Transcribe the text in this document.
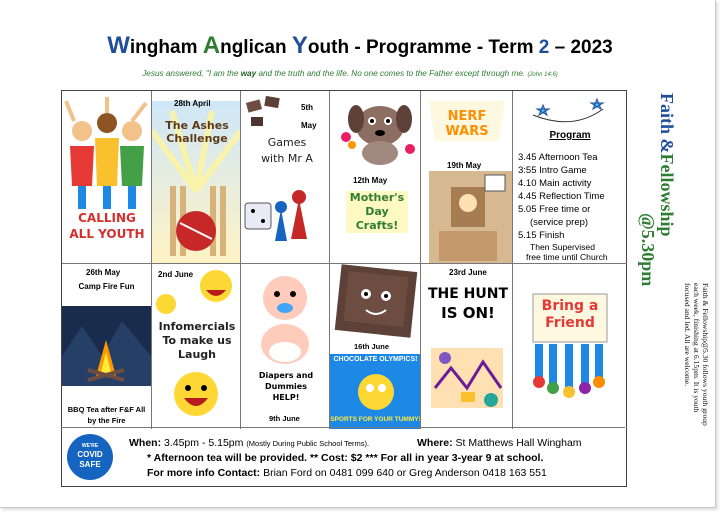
Wingham Anglican Youth - Programme - Term 2 – 2023
Jesus answered, "I am the way and the truth and the life. No one comes to the Father except through me. (John 14:6)
CALLING ALL YOUTH
28th April
The Ashes Challenge
5th May
Games with Mr A
12th May
Mother's Day Crafts!
NERF WARS
19th May
Program
3.45 Afternoon Tea
3:55 Intro Game
4.10 Main activity
4.45 Reflection Time
5.05 Free time or
(service prep)
5.15 Finish
Then Supervised
free time until Church
26th May
Camp Fire Fun
BBQ Tea after F&F All by the Fire
2nd June
Infomercials To make us Laugh
Diapers and Dummies HELP!
9th June
16th June
CHOCOLATE OLYMPICS!
SPORTS FOR YOUR TUMMY!
23rd June
THE HUNT
IS ON!	Bring a Friend
WE'RE
COVID
SAFE
When: 3.45pm - 5.15pm (Mostly During Public School Terms).	Where: St Matthews Hall Wingham
* Afternoon tea will be provided. ** Cost: $2 *** For all in year 3-year 9 at school.
For more info Contact: Brian Ford on 0481 099 640 or Greg Anderson 0418 163 551
Faith &Fellowship
@5.30pm
Faith & Fellowship@5.30 follows youth group each week, finishing at 6.15pm. It is youth focused and led. All are welcome.
